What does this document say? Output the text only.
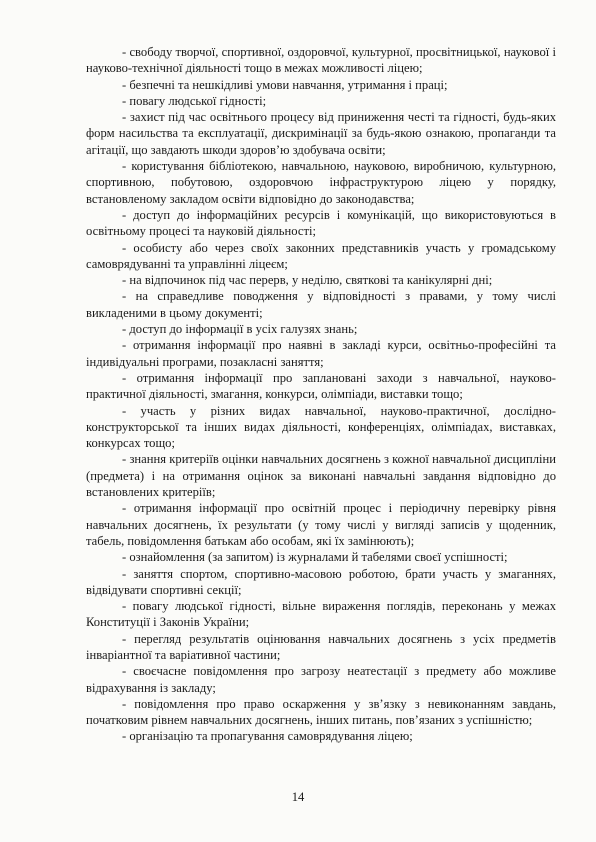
- свободу творчої, спортивної, оздоровчої, культурної, просвітницької, наукової і науково-технічної діяльності тощо в межах можливості ліцею;

- безпечні та нешкідливі умови навчання, утримання і праці;

- повагу людської гідності;

- захист під час освітнього процесу від приниження честі та гідності, будь-яких форм насильства та експлуатації, дискримінації за будь-якою ознакою, пропаганди та агітації, що завдають шкоди здоров’ю здобувача освіти;

- користування бібліотекою, навчальною, науковою, виробничою, культурною, спортивною, побутовою, оздоровчою інфраструктурою ліцею у порядку, встановленому закладом освіти відповідно до законодавства;

- доступ до інформаційних ресурсів і комунікацій, що використовуються в освітньому процесі та науковій діяльності;

- особисту або через своїх законних представників участь у громадському самоврядуванні та управлінні ліцеєм;

- на відпочинок під час перерв, у неділю, святкові та канікулярні дні;

- на справедливе поводження у відповідності з правами, у тому числі викладеними в цьому документі;

- доступ до інформації в усіх галузях знань;

- отримання інформації про наявні в закладі курси, освітньо-професійні та індивідуальні програми, позакласні заняття;

- отримання інформації про заплановані заходи з навчальної, науково-практичної діяльності, змагання, конкурси, олімпіади, виставки тощо;

- участь у різних видах навчальної, науково-практичної, дослідно-конструкторської та інших видах діяльності, конференціях, олімпіадах, виставках, конкурсах тощо;

- знання критеріїв оцінки навчальних досягнень з кожної навчальної дисципліни (предмета) і на отримання оцінок за виконані навчальні завдання відповідно до встановлених критеріїв;

- отримання інформації про освітній процес і періодичну перевірку рівня навчальних досягнень, їх результати (у тому числі у вигляді записів у щоденник, табель, повідомлення батькам або особам, які їх замінюють);

- ознайомлення (за запитом) із журналами й табелями своєї успішності;

- заняття спортом, спортивно-масовою роботою, брати участь у змаганнях, відвідувати спортивні секції;

- повагу людської гідності, вільне вираження поглядів, переконань у межах Конституції і Законів України;

- перегляд результатів оцінювання навчальних досягнень з усіх предметів інваріантної та варіативної частини;

- своєчасне повідомлення про загрозу неатестації з предмету або можливе відрахування із закладу;

- повідомлення про право оскарження у зв’язку з невиконанням завдань, початковим рівнем навчальних досягнень, інших питань, пов’язаних з успішністю;

- організацію та пропагування самоврядування ліцею;

14
